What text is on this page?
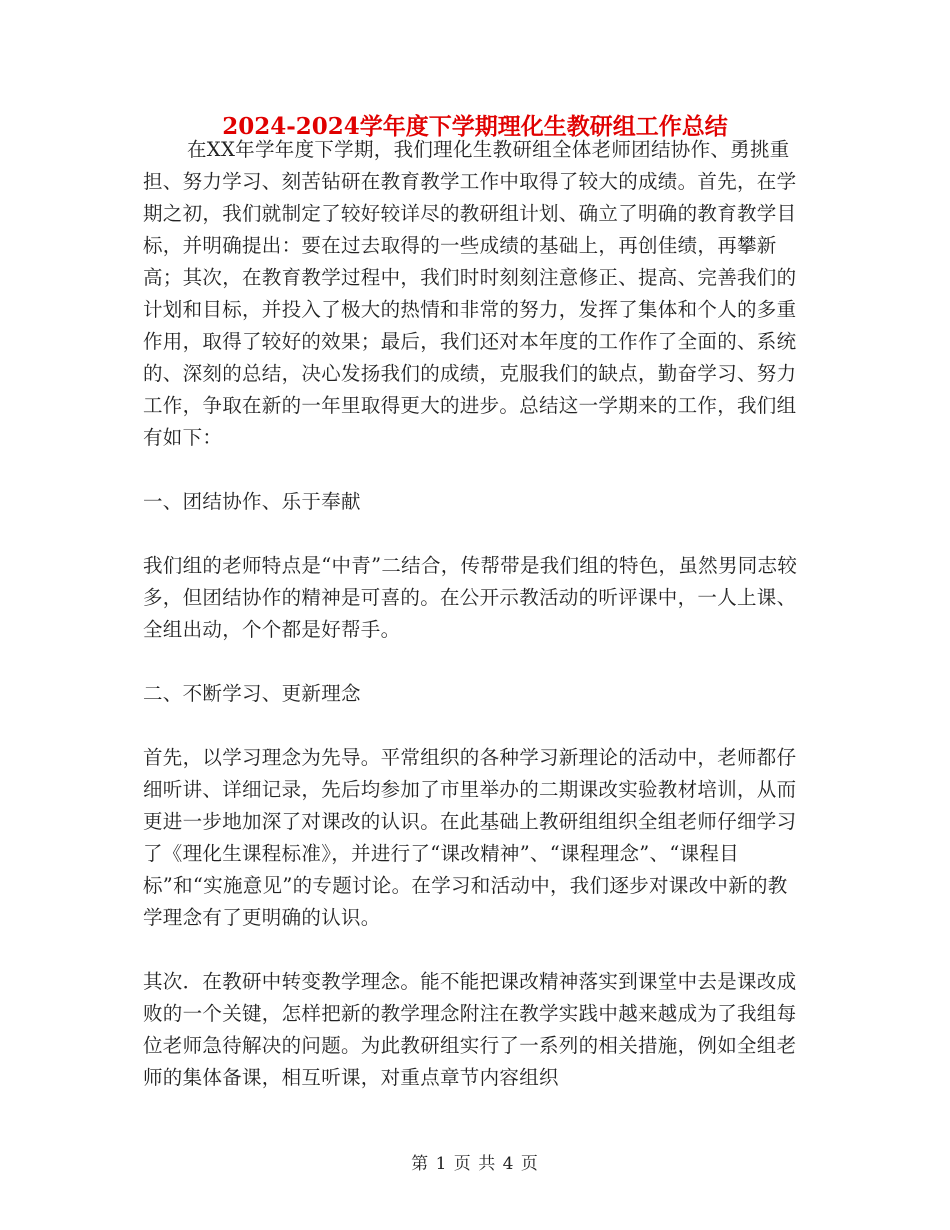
2024-2024学年度下学期理化生教研组工作总结

在XX年学年度下学期，我们理化生教研组全体老师团结协作、勇挑重担、努力学习、刻苦钻研在教育教学工作中取得了较大的成绩。首先，在学期之初，我们就制定了较好较详尽的教研组计划、确立了明确的教育教学目标，并明确提出：要在过去取得的一些成绩的基础上，再创佳绩，再攀新高；其次，在教育教学过程中，我们时时刻刻注意修正、提高、完善我们的计划和目标，并投入了极大的热情和非常的努力，发挥了集体和个人的多重作用，取得了较好的效果；最后，我们还对本年度的工作作了全面的、系统的、深刻的总结，决心发扬我们的成绩，克服我们的缺点，勤奋学习、努力工作，争取在新的一年里取得更大的进步。总结这一学期来的工作，我们组有如下：

一、团结协作、乐于奉献

我们组的老师特点是“中青”二结合，传帮带是我们组的特色，虽然男同志较多，但团结协作的精神是可喜的。在公开示教活动的听评课中，一人上课、全组出动，个个都是好帮手。

二、不断学习、更新理念

首先，以学习理念为先导。平常组织的各种学习新理论的活动中，老师都仔细听讲、详细记录，先后均参加了市里举办的二期课改实验教材培训，从而更进一步地加深了对课改的认识。在此基础上教研组组织全组老师仔细学习了《理化生课程标准》，并进行了“课改精神”、“课程理念”、“课程目标”和“实施意见”的专题讨论。在学习和活动中，我们逐步对课改中新的教学理念有了更明确的认识。

其次．在教研中转变教学理念。能不能把课改精神落实到课堂中去是课改成败的一个关键，怎样把新的教学理念附注在教学实践中越来越成为了我组每位老师急待解决的问题。为此教研组实行了一系列的相关措施，例如全组老师的集体备课，相互听课，对重点章节内容组织

第 1 页 共 4 页
